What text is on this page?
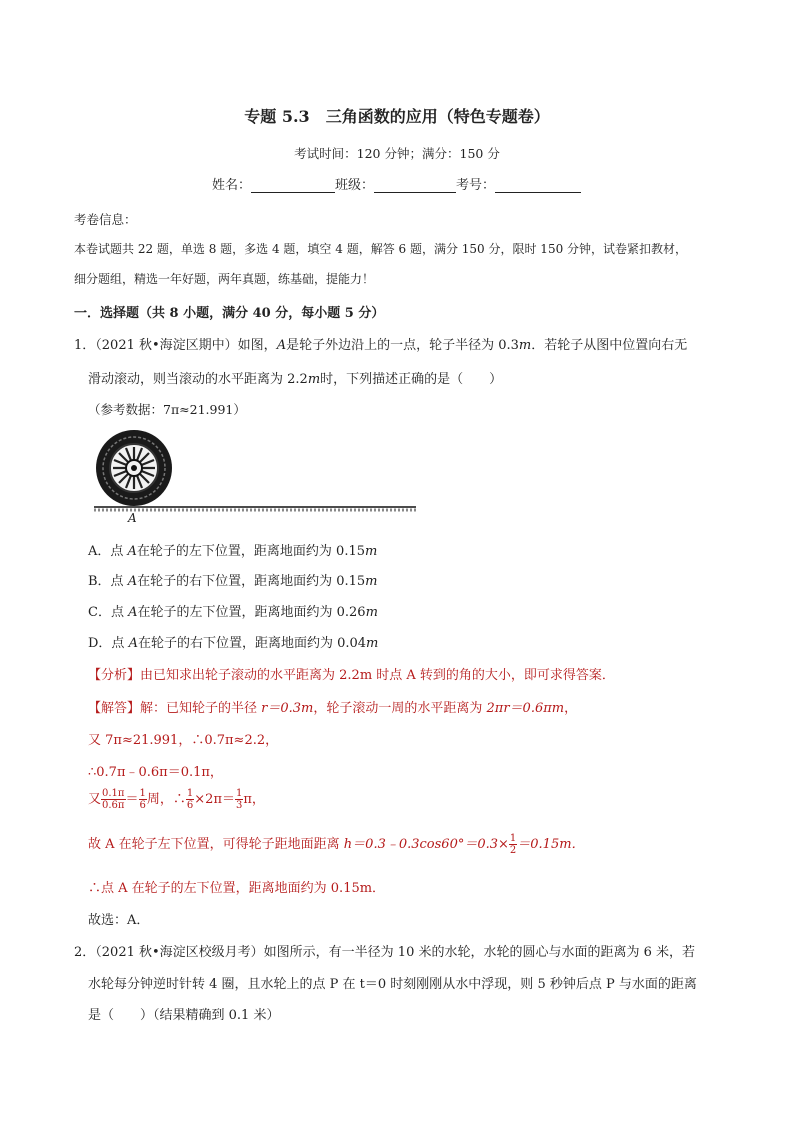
专题 5.3　三角函数的应用（特色专题卷）
考试时间：120 分钟；满分：150 分
姓名：	班级：	考号：
考卷信息：
本卷试题共 22 题，单选 8 题，多选 4 题，填空 4 题，解答 6 题，满分 150 分，限时 150 分钟，试卷紧扣教材，
细分题组，精选一年好题，两年真题，练基础，提能力！
一．选择题（共 8 小题，满分 40 分，每小题 5 分）
1．（2021 秋•海淀区期中）如图，A是轮子外边沿上的一点，轮子半径为 0.3m．若轮子从图中位置向右无
滑动滚动，则当滚动的水平距离为 2.2m时，下列描述正确的是（　　）
（参考数据：7π≈21.991）
A
A．点 A在轮子的左下位置，距离地面约为 0.15m
B．点 A在轮子的右下位置，距离地面约为 0.15m
C．点 A在轮子的左下位置，距离地面约为 0.26m
D．点 A在轮子的右下位置，距离地面约为 0.04m
【分析】由已知求出轮子滚动的水平距离为 2.2m 时点 A 转到的角的大小，即可求得答案．
【解答】解：已知轮子的半径 r＝0.3m，轮子滚动一周的水平距离为 2πr＝0.6πm，
又 7π≈21.991，∴0.7π≈2.2，
∴0.7π﹣0.6π＝0.1π，
又 $\frac{0.1\pi}{0.6\pi} = \frac{1}{6}$ 周，∴ $\frac{1}{6} \times 2\pi= \frac{1}{3}$ π，
故 A 在轮子左下位置，可得轮子距地面距离 h＝0.3﹣0.3cos60°＝0.3× $\frac{1}{2} =0.15m$．
∴点 A 在轮子的左下位置，距离地面约为 0.15m．
故选：A．
2．（2021 秋•海淀区校级月考）如图所示，有一半径为 10 米的水轮，水轮的圆心与水面的距离为 6 米，若
水轮每分钟逆时针转 4 圈，且水轮上的点 P 在 t＝0 时刻刚刚从水中浮现，则 5 秒钟后点 P 与水面的距离
是（　　）（结果精确到 0.1 米）
